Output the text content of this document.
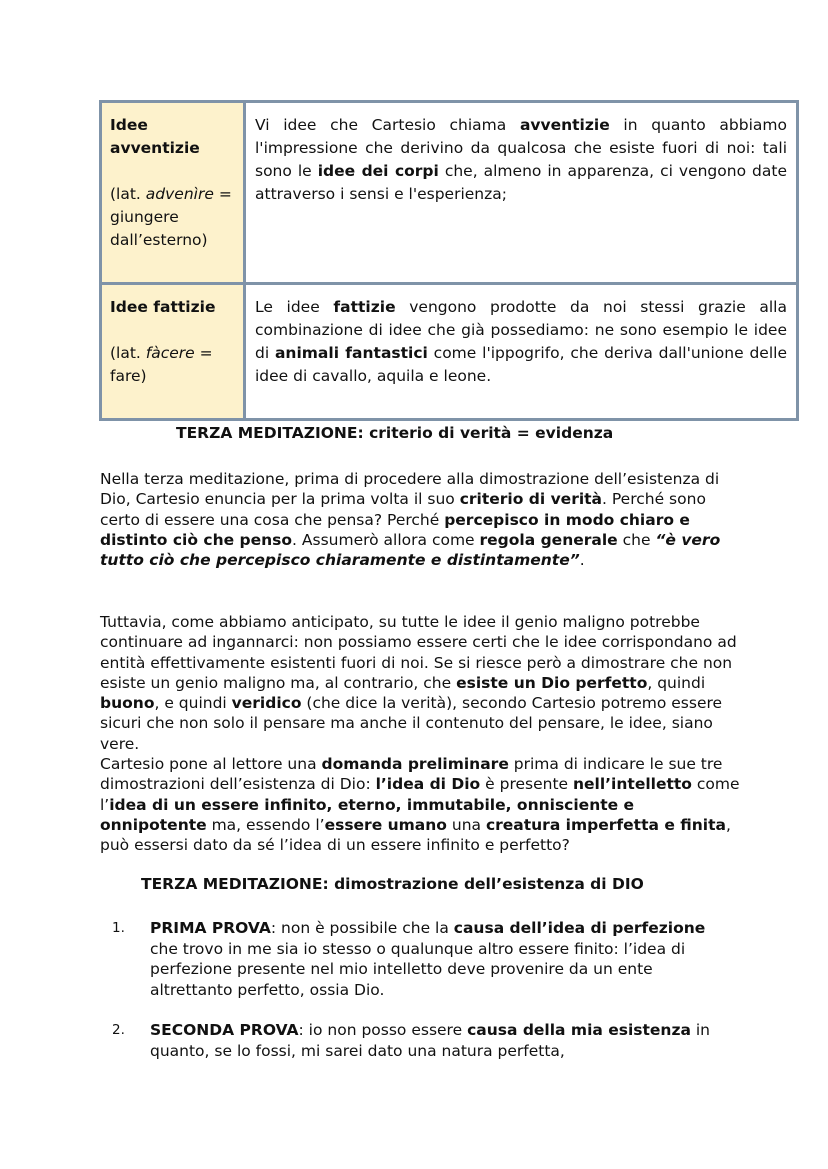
Idee avventizie
(lat. advenìre = giungere dall’esterno)	Vi idee che Cartesio chiama avventizie in quanto abbiamo l'impressione che derivino da qualcosa che esiste fuori di noi: tali sono le idee dei corpi che, almeno in apparenza, ci vengono date attraverso i sensi e l'esperienza;

Idee fattizie
(lat. fàcere = fare)	Le idee fattizie vengono prodotte da noi stessi grazie alla combinazione di idee che già possediamo: ne sono esempio le idee di animali fantastici come l'ippogrifo, che deriva dall'unione delle idee di cavallo, aquila e leone.
TERZA MEDITAZIONE: criterio di verità = evidenza
Nella terza meditazione, prima di procedere alla dimostrazione dell’esistenza di Dio, Cartesio enuncia per la prima volta il suo criterio di verità. Perché sono certo di essere una cosa che pensa? Perché percepisco in modo chiaro e distinto ciò che penso. Assumerò allora come regola generale che “è vero tutto ciò che percepisco chiaramente e distintamente”.
Tuttavia, come abbiamo anticipato, su tutte le idee il genio maligno potrebbe continuare ad ingannarci: non possiamo essere certi che le idee corrispondano ad entità effettivamente esistenti fuori di noi. Se si riesce però a dimostrare che non esiste un genio maligno ma, al contrario, che esiste un Dio perfetto, quindi buono, e quindi veridico (che dice la verità), secondo Cartesio potremo essere sicuri che non solo il pensare ma anche il contenuto del pensare, le idee, siano vere.
Cartesio pone al lettore una domanda preliminare prima di indicare le sue tre dimostrazioni dell’esistenza di Dio: l’idea di Dio è presente nell’intelletto come l’idea di un essere infinito, eterno, immutabile, onnisciente e onnipotente ma, essendo l’essere umano una creatura imperfetta e finita, può essersi dato da sé l’idea di un essere infinito e perfetto?
TERZA MEDITAZIONE: dimostrazione dell’esistenza di DIO
1. PRIMA PROVA: non è possibile che la causa dell’idea di perfezione che trovo in me sia io stesso o qualunque altro essere finito: l’idea di perfezione presente nel mio intelletto deve provenire da un ente altrettanto perfetto, ossia Dio.
2. SECONDA PROVA: io non posso essere causa della mia esistenza in quanto, se lo fossi, mi sarei dato una natura perfetta,
